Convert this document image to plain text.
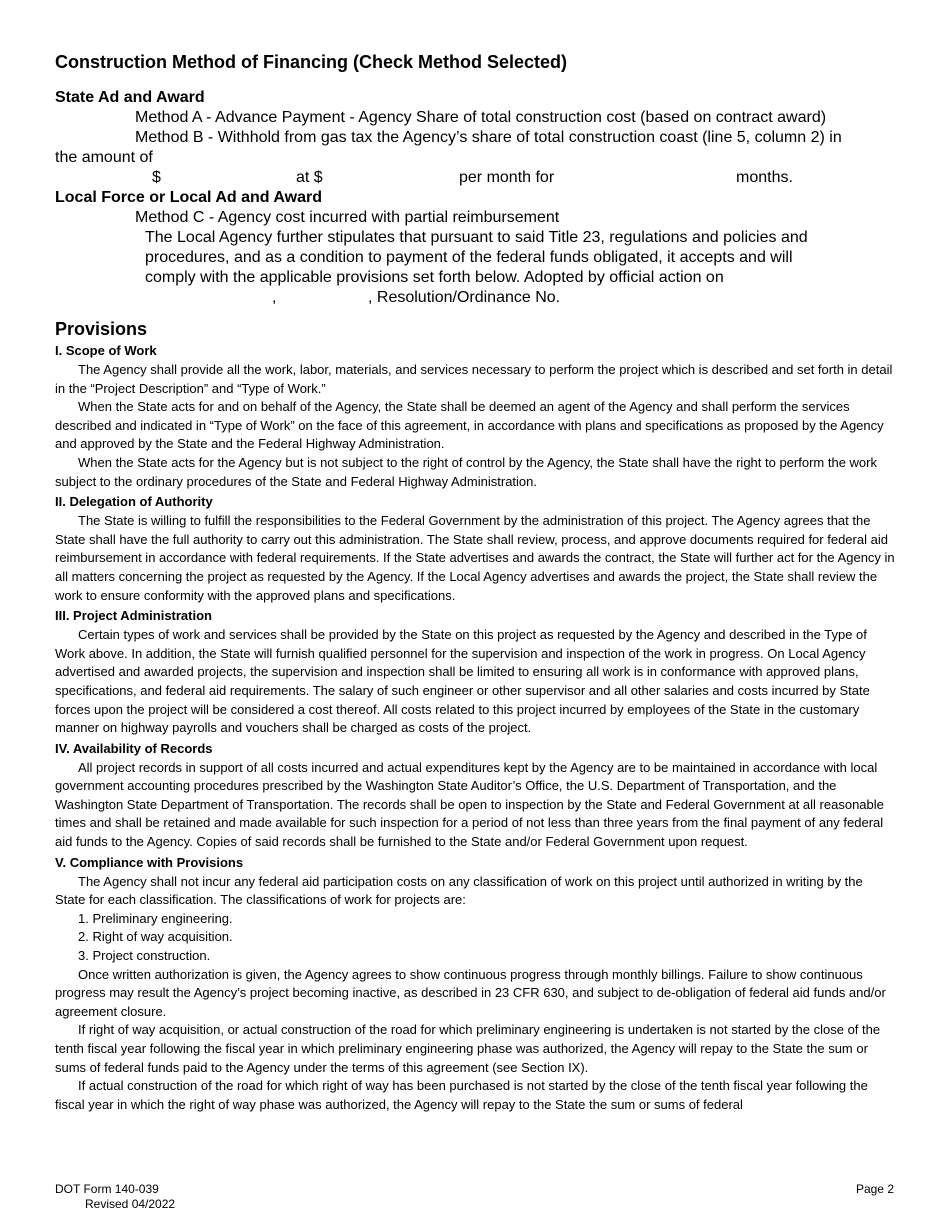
Construction Method of Financing (Check Method Selected)
State Ad and Award
Method A - Advance Payment - Agency Share of total construction cost (based on contract award)
Method B - Withhold from gas tax the Agency’s share of total construction coast (line 5, column 2) in
the amount of
$	at $	per month for	months.
Local Force or Local Ad and Award
Method C - Agency cost incurred with partial reimbursement
The Local Agency further stipulates that pursuant to said Title 23, regulations and policies and
procedures, and as a condition to payment of the federal funds obligated, it accepts and will
comply with the applicable provisions set forth below. Adopted by official action on
,	, Resolution/Ordinance No.
Provisions
I. Scope of Work

The Agency shall provide all the work, labor, materials, and services necessary to perform the project which is described and set forth in detail in the “Project Description” and “Type of Work.”

When the State acts for and on behalf of the Agency, the State shall be deemed an agent of the Agency and shall perform the services described and indicated in “Type of Work” on the face of this agreement, in accordance with plans and specifications as proposed by the Agency and approved by the State and the Federal Highway Administration.

When the State acts for the Agency but is not subject to the right of control by the Agency, the State shall have the right to perform the work subject to the ordinary procedures of the State and Federal Highway Administration.

II. Delegation of Authority

The State is willing to fulfill the responsibilities to the Federal Government by the administration of this project. The Agency agrees that the State shall have the full authority to carry out this administration. The State shall review, process, and approve documents required for federal aid reimbursement in accordance with federal requirements. If the State advertises and awards the contract, the State will further act for the Agency in all matters concerning the project as requested by the Agency. If the Local Agency advertises and awards the project, the State shall review the work to ensure conformity with the approved plans and specifications.

III. Project Administration

Certain types of work and services shall be provided by the State on this project as requested by the Agency and described in the Type of Work above. In addition, the State will furnish qualified personnel for the supervision and inspection of the work in progress. On Local Agency advertised and awarded projects, the supervision and inspection shall be limited to ensuring all work is in conformance with approved plans, specifications, and federal aid requirements. The salary of such engineer or other supervisor and all other salaries and costs incurred by State forces upon the project will be considered a cost thereof. All costs related to this project incurred by employees of the State in the customary manner on highway payrolls and vouchers shall be charged as costs of the project.

IV. Availability of Records

All project records in support of all costs incurred and actual expenditures kept by the Agency are to be maintained in accordance with local government accounting procedures prescribed by the Washington State Auditor’s Office, the U.S. Department of Transportation, and the Washington State Department of Transportation. The records shall be open to inspection by the State and Federal Government at all reasonable times and shall be retained and made available for such inspection for a period of not less than three years from the final payment of any federal aid funds to the Agency. Copies of said records shall be furnished to the State and/or Federal Government upon request.

V. Compliance with Provisions

The Agency shall not incur any federal aid participation costs on any classification of work on this project until authorized in writing by the State for each classification. The classifications of work for projects are:

1. Preliminary engineering.
2. Right of way acquisition.
3. Project construction.

Once written authorization is given, the Agency agrees to show continuous progress through monthly billings. Failure to show continuous progress may result the Agency’s project becoming inactive, as described in 23 CFR 630, and subject to de-obligation of federal aid funds and/or agreement closure.

If right of way acquisition, or actual construction of the road for which preliminary engineering is undertaken is not started by the close of the tenth fiscal year following the fiscal year in which preliminary engineering phase was authorized, the Agency will repay to the State the sum or sums of federal funds paid to the Agency under the terms of this agreement (see Section IX).

If actual construction of the road for which right of way has been purchased is not started by the close of the tenth fiscal year following the fiscal year in which the right of way phase was authorized, the Agency will repay to the State the sum or sums of federal

DOT Form 140-039
Revised 04/2022
Page 2
